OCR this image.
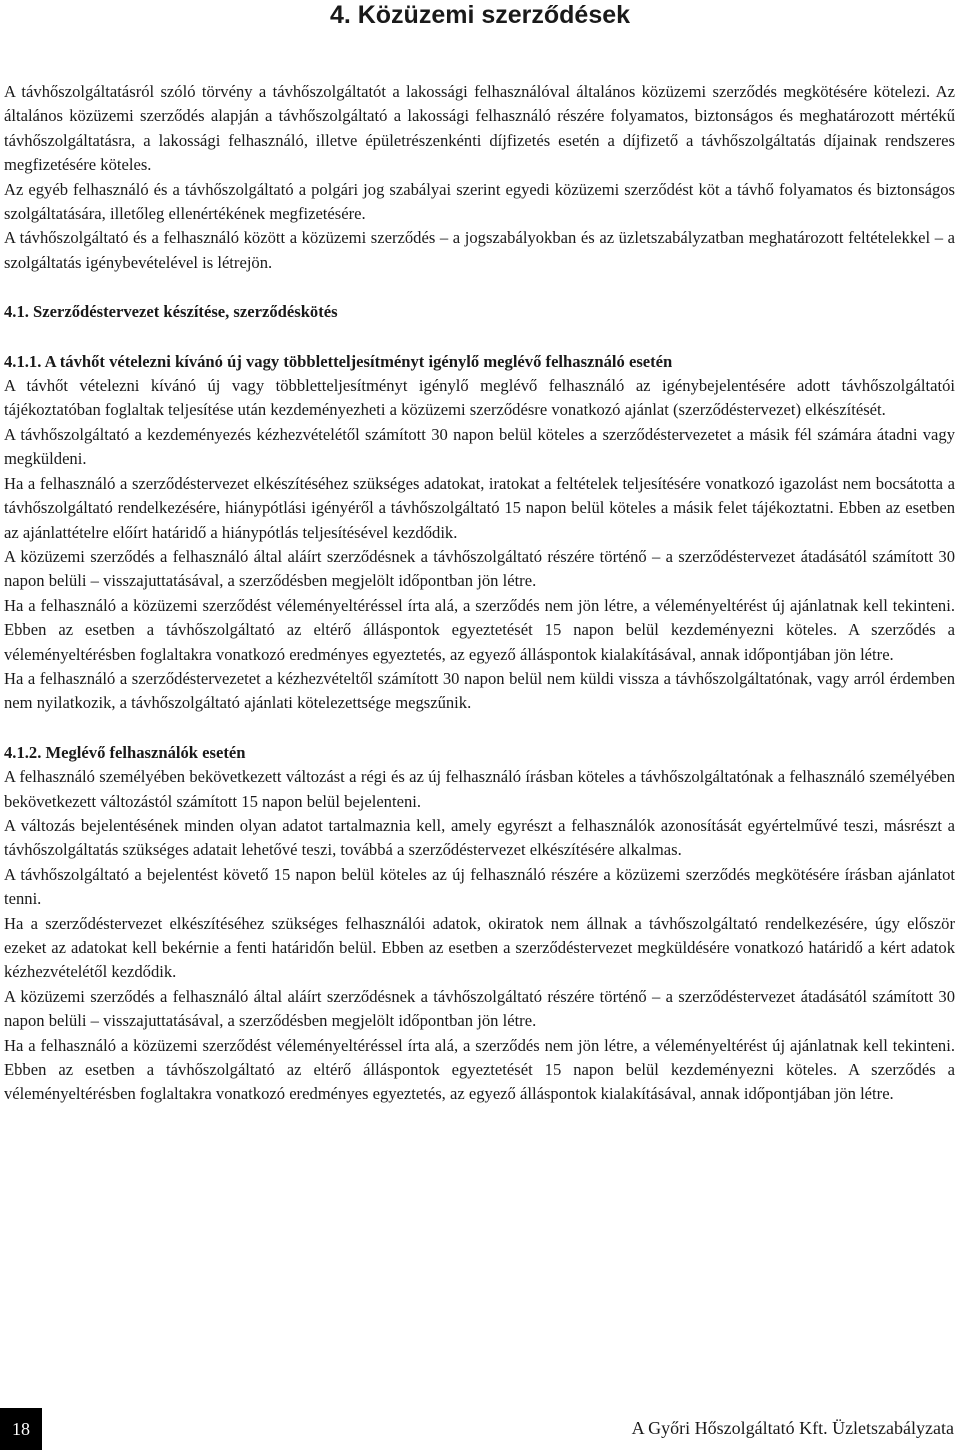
4. Közüzemi szerződések

A távhőszolgáltatásról szóló törvény a távhőszolgáltatót a lakossági felhasználóval általános közüzemi szerződés megkötésére kötelezi. Az általános közüzemi szerződés alapján a távhőszolgáltató a lakossági felhasználó részére folyamatos, biztonságos és meghatározott mértékű távhőszolgáltatásra, a lakossági felhasználó, illetve épületrészenkénti díjfizetés esetén a díjfizető a távhőszolgáltatás díjainak rendszeres megfizetésére köteles.

Az egyéb felhasználó és a távhőszolgáltató a polgári jog szabályai szerint egyedi közüzemi szerződést köt a távhő folyamatos és biztonságos szolgáltatására, illetőleg ellenértékének megfizetésére.

A távhőszolgáltató és a felhasználó között a közüzemi szerződés – a jogszabályokban és az üzletszabályzatban meghatározott feltételekkel – a szolgáltatás igénybevételével is létrejön.

4.1. Szerződéstervezet készítése, szerződéskötés
4.1.1. A távhőt vételezni kívánó új vagy többletteljesítményt igénylő meglévő felhasználó esetén

A távhőt vételezni kívánó új vagy többletteljesítményt igénylő meglévő felhasználó az igénybejelentésére adott távhőszolgáltatói tájékoztatóban foglaltak teljesítése után kezdeményezheti a közüzemi szerződésre vonatkozó ajánlat (szerződéstervezet) elkészítését.

A távhőszolgáltató a kezdeményezés kézhezvételétől számított 30 napon belül köteles a szerződéstervezetet a másik fél számára átadni vagy megküldeni.

Ha a felhasználó a szerződéstervezet elkészítéséhez szükséges adatokat, iratokat a feltételek teljesítésére vonatkozó igazolást nem bocsátotta a távhőszolgáltató rendelkezésére, hiánypótlási igényéről a távhőszolgáltató 15 napon belül köteles a másik felet tájékoztatni. Ebben az esetben az ajánlattételre előírt határidő a hiánypótlás teljesítésével kezdődik.

A közüzemi szerződés a felhasználó által aláírt szerződésnek a távhőszolgáltató részére történő – a szerződéstervezet átadásától számított 30 napon belüli – visszajuttatásával, a szerződésben megjelölt időpontban jön létre.

Ha a felhasználó a közüzemi szerződést véleményeltéréssel írta alá, a szerződés nem jön létre, a véleményeltérést új ajánlatnak kell tekinteni. Ebben az esetben a távhőszolgáltató az eltérő álláspontok egyeztetését 15 napon belül kezdeményezni köteles. A szerződés a véleményeltérésben foglaltakra vonatkozó eredményes egyeztetés, az egyező álláspontok kialakításával, annak időpontjában jön létre.

Ha a felhasználó a szerződéstervezetet a kézhezvételtől számított 30 napon belül nem küldi vissza a távhőszolgáltatónak, vagy arról érdemben nem nyilatkozik, a távhőszolgáltató ajánlati kötelezettsége megszűnik.

4.1.2. Meglévő felhasználók esetén

A felhasználó személyében bekövetkezett változást a régi és az új felhasználó írásban köteles a távhőszolgáltatónak a felhasználó személyében bekövetkezett változástól számított 15 napon belül bejelenteni.

A változás bejelentésének minden olyan adatot tartalmaznia kell, amely egyrészt a felhasználók azonosítását egyértelművé teszi, másrészt a távhőszolgáltatás szükséges adatait lehetővé teszi, továbbá a szerződéstervezet elkészítésére alkalmas.

A távhőszolgáltató a bejelentést követő 15 napon belül köteles az új felhasználó részére a közüzemi szerződés megkötésére írásban ajánlatot tenni.

Ha a szerződéstervezet elkészítéséhez szükséges felhasználói adatok, okiratok nem állnak a távhőszolgáltató rendelkezésére, úgy először ezeket az adatokat kell bekérnie a fenti határidőn belül. Ebben az esetben a szerződéstervezet megküldésére vonatkozó határidő a kért adatok kézhezvételétől kezdődik.

A közüzemi szerződés a felhasználó által aláírt szerződésnek a távhőszolgáltató részére történő – a szerződéstervezet átadásától számított 30 napon belüli – visszajuttatásával, a szerződésben megjelölt időpontban jön létre.

Ha a felhasználó a közüzemi szerződést véleményeltéréssel írta alá, a szerződés nem jön létre, a véleményeltérést új ajánlatnak kell tekinteni. Ebben az esetben a távhőszolgáltató az eltérő álláspontok egyeztetését 15 napon belül kezdeményezni köteles. A szerződés a véleményeltérésben foglaltakra vonatkozó eredményes egyeztetés, az egyező álláspontok kialakításával, annak időpontjában jön létre.

18	A Győri Hőszolgáltató Kft. Üzletszabályzata
